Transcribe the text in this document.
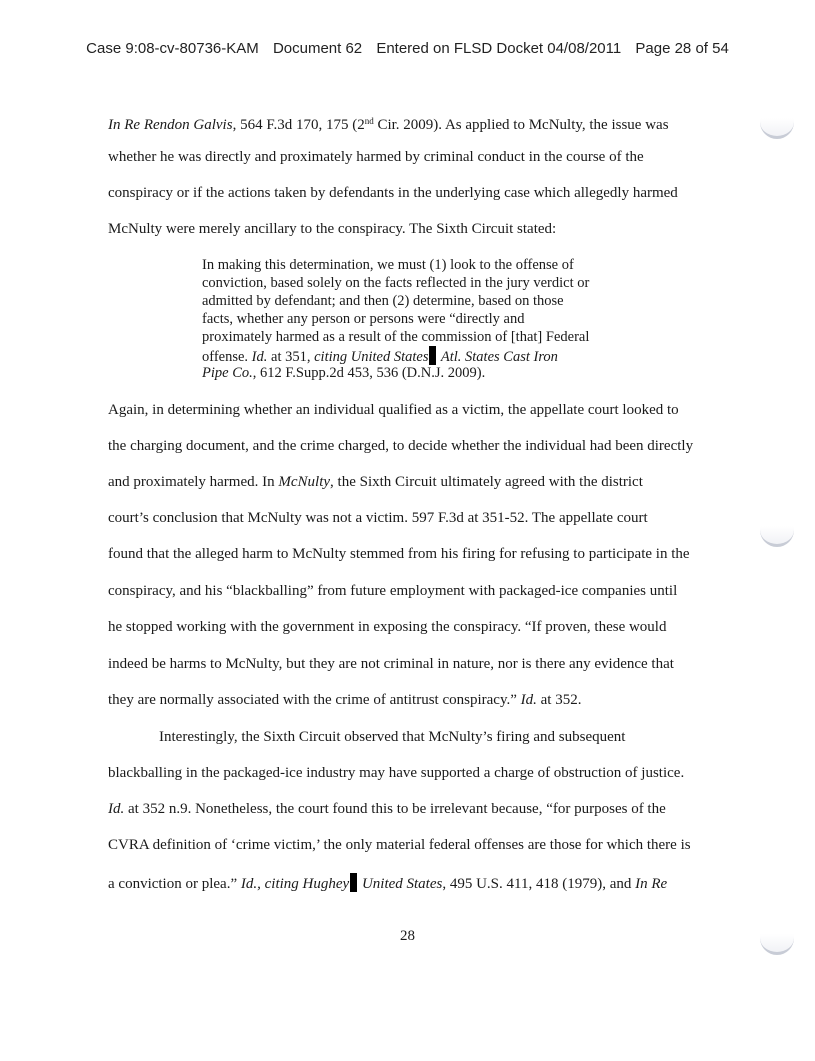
Case 9:08-cv-80736-KAM Document 62 Entered on FLSD Docket 04/08/2011 Page 28 of 54
In Re Rendon Galvis, 564 F.3d 170, 175 (2nd Cir. 2009). As applied to McNulty, the issue was
whether he was directly and proximately harmed by criminal conduct in the course of the
conspiracy or if the actions taken by defendants in the underlying case which allegedly harmed
McNulty were merely ancillary to the conspiracy. The Sixth Circuit stated:
In making this determination, we must (1) look to the offense of
conviction, based solely on the facts reflected in the jury verdict or
admitted by defendant; and then (2) determine, based on those
facts, whether any person or persons were “directly and
proximately harmed as a result of the commission of [that] Federal
offense. Id. at 351, citing United States Atl. States Cast Iron
Pipe Co., 612 F.Supp.2d 453, 536 (D.N.J. 2009).
Again, in determining whether an individual qualified as a victim, the appellate court looked to
the charging document, and the crime charged, to decide whether the individual had been directly
and proximately harmed. In McNulty, the Sixth Circuit ultimately agreed with the district
court’s conclusion that McNulty was not a victim. 597 F.3d at 351-52. The appellate court
found that the alleged harm to McNulty stemmed from his firing for refusing to participate in the
conspiracy, and his “blackballing” from future employment with packaged-ice companies until
he stopped working with the government in exposing the conspiracy. “If proven, these would
indeed be harms to McNulty, but they are not criminal in nature, nor is there any evidence that
they are normally associated with the crime of antitrust conspiracy.” Id. at 352.
Interestingly, the Sixth Circuit observed that McNulty’s firing and subsequent
blackballing in the packaged-ice industry may have supported a charge of obstruction of justice.
Id. at 352 n.9. Nonetheless, the court found this to be irrelevant because, “for purposes of the
CVRA definition of ‘crime victim,’ the only material federal offenses are those for which there is
a conviction or plea.” Id., citing Hughey United States, 495 U.S. 411, 418 (1979), and In Re
28
